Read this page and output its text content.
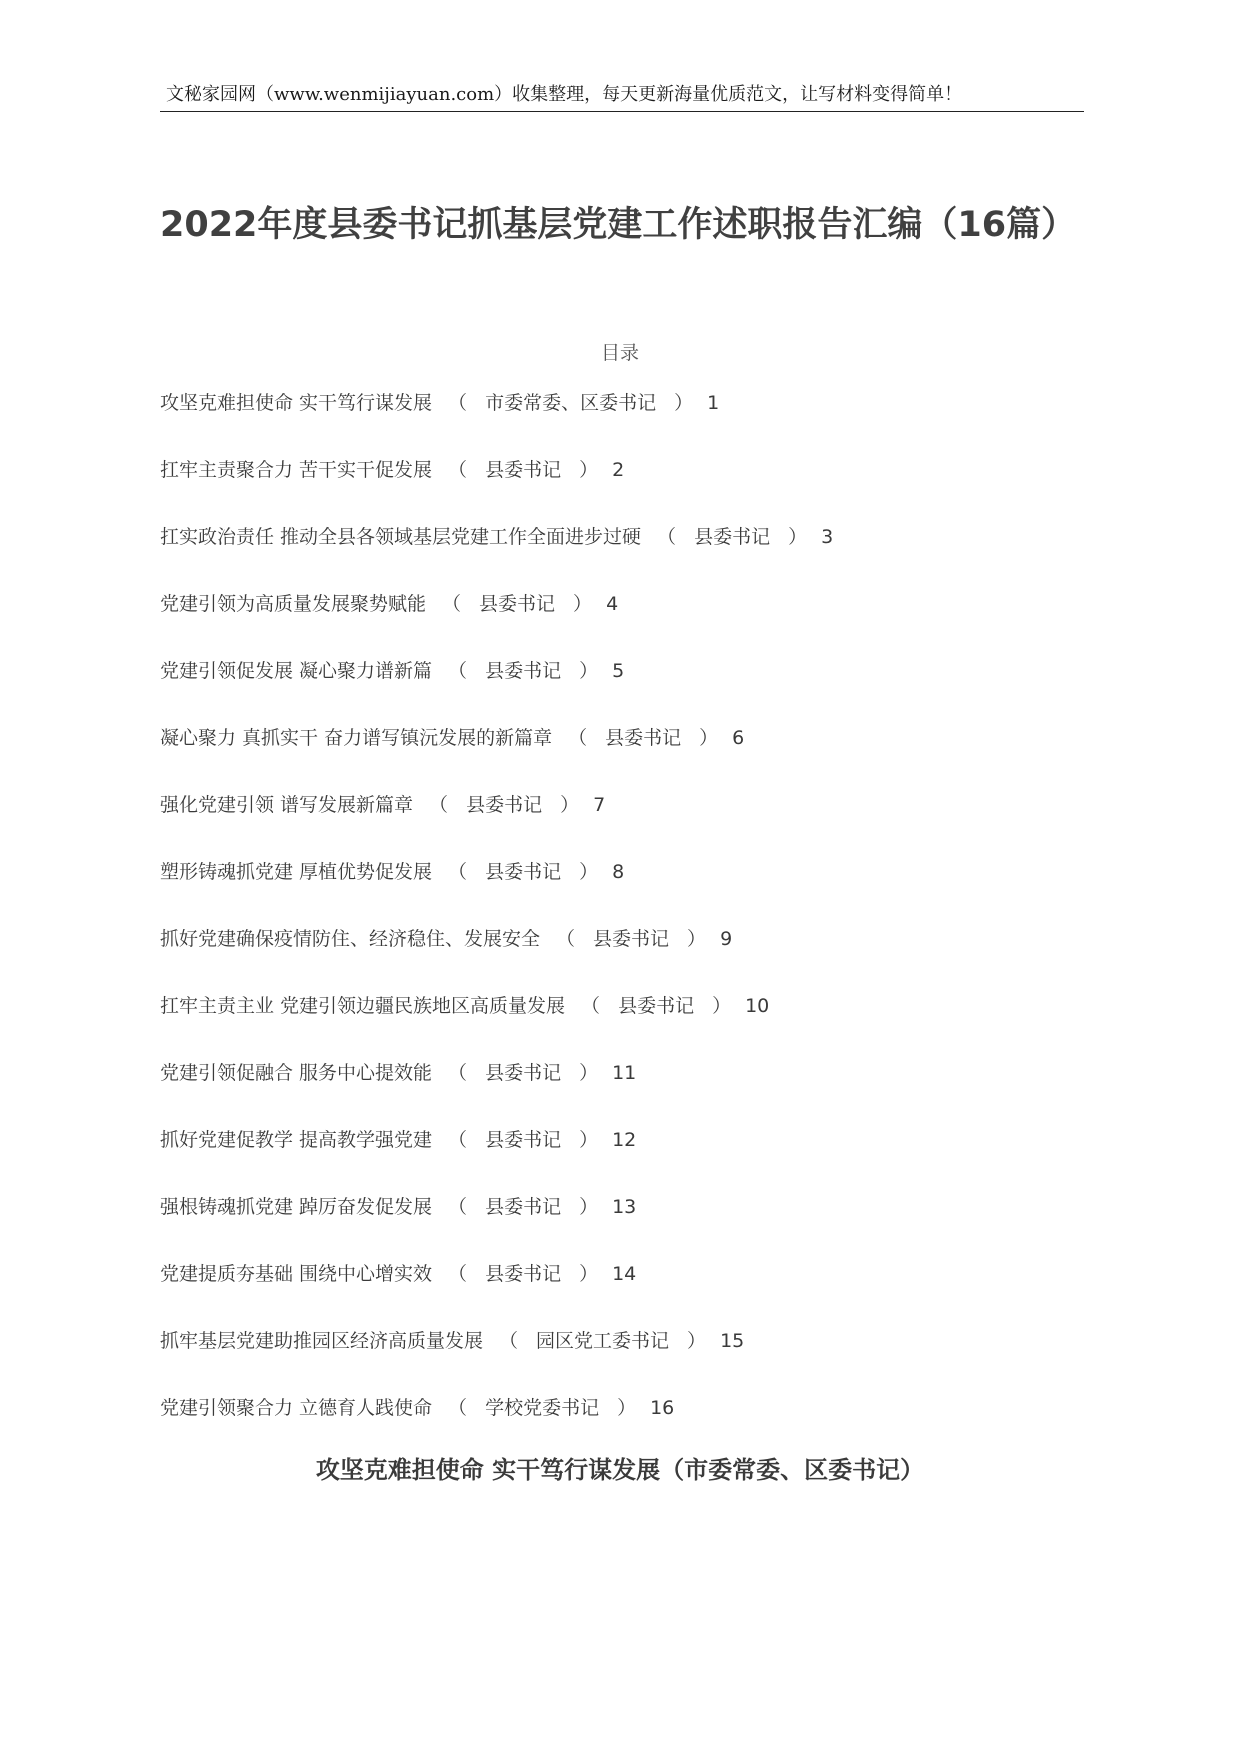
文秘家园网（www.wenmijiayuan.com）收集整理，每天更新海量优质范文，让写材料变得简单！
2022年度县委书记抓基层党建工作述职报告汇编（16篇）
目录
攻坚克难担使命 实干笃行谋发展 （ 市委常委、区委书记 ） 1
扛牢主责聚合力 苦干实干促发展 （ 县委书记 ） 2
扛实政治责任 推动全县各领域基层党建工作全面进步过硬 （ 县委书记 ） 3
党建引领为高质量发展聚势赋能 （ 县委书记 ） 4
党建引领促发展 凝心聚力谱新篇 （ 县委书记 ） 5
凝心聚力 真抓实干 奋力谱写镇沅发展的新篇章 （ 县委书记 ） 6
强化党建引领 谱写发展新篇章 （ 县委书记 ） 7
塑形铸魂抓党建 厚植优势促发展 （ 县委书记 ） 8
抓好党建确保疫情防住、经济稳住、发展安全 （ 县委书记 ） 9
扛牢主责主业 党建引领边疆民族地区高质量发展 （ 县委书记 ） 10
党建引领促融合 服务中心提效能 （ 县委书记 ） 11
抓好党建促教学 提高教学强党建 （ 县委书记 ） 12
强根铸魂抓党建 踔厉奋发促发展 （ 县委书记 ） 13
党建提质夯基础 围绕中心增实效 （ 县委书记 ） 14
抓牢基层党建助推园区经济高质量发展 （ 园区党工委书记 ） 15
党建引领聚合力 立德育人践使命 （ 学校党委书记 ） 16
攻坚克难担使命 实干笃行谋发展（市委常委、区委书记）
